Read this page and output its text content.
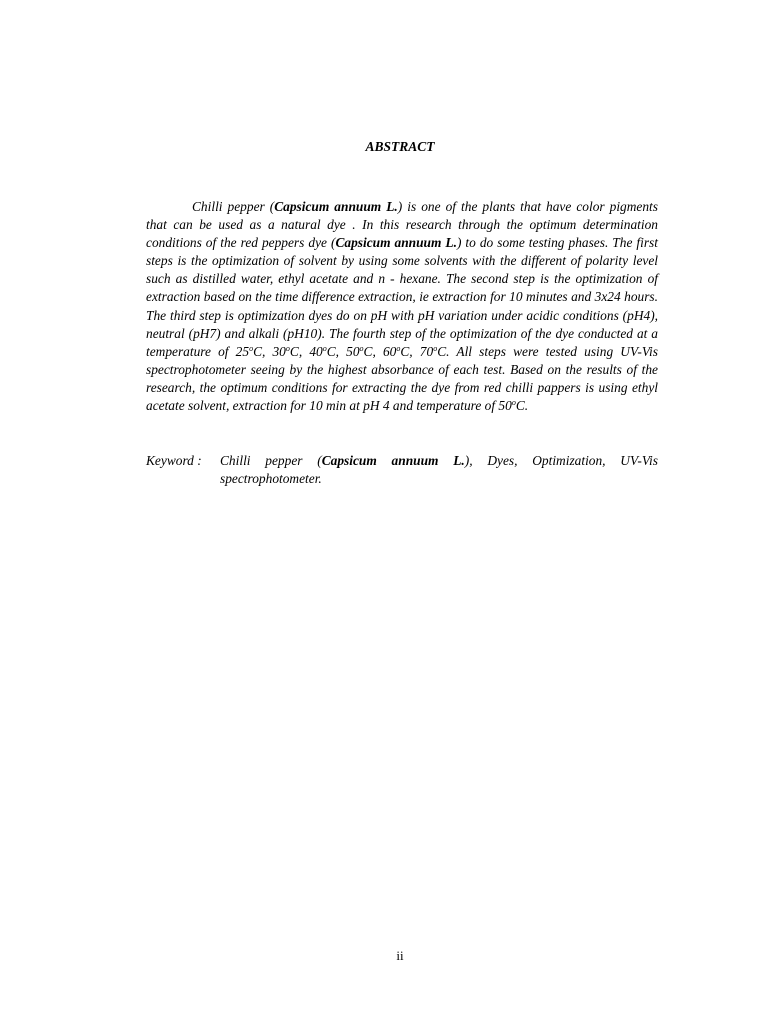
ABSTRACT

Chilli pepper (Capsicum annuum L.) is one of the plants that have color pigments that can be used as a natural dye . In this research through the optimum determination conditions of the red peppers dye (Capsicum annuum L.) to do some testing phases. The first steps is the optimization of solvent by using some solvents with the different of polarity level such as distilled water, ethyl acetate and n - hexane. The second step is the optimization of extraction based on the time difference extraction, ie extraction for 10 minutes and 3x24 hours. The third step is optimization dyes do on pH with pH variation under acidic conditions (pH4), neutral (pH7) and alkali (pH10). The fourth step of the optimization of the dye conducted at a temperature of 25$^o$C, 30$^o$C, 40$^o$C, 50$^o$C, 60$^o$C, 70$^o$C. All steps were tested using UV-Vis spectrophotometer seeing by the highest absorbance of each test. Based on the results of the research, the optimum conditions for extracting the dye from red chilli pappers is using ethyl acetate solvent, extraction for 10 min at pH 4 and temperature of 50$^o$C.

Keyword :	Chilli pepper (Capsicum annuum L.), Dyes, Optimization, UV-Vis spectrophotometer.
ii
